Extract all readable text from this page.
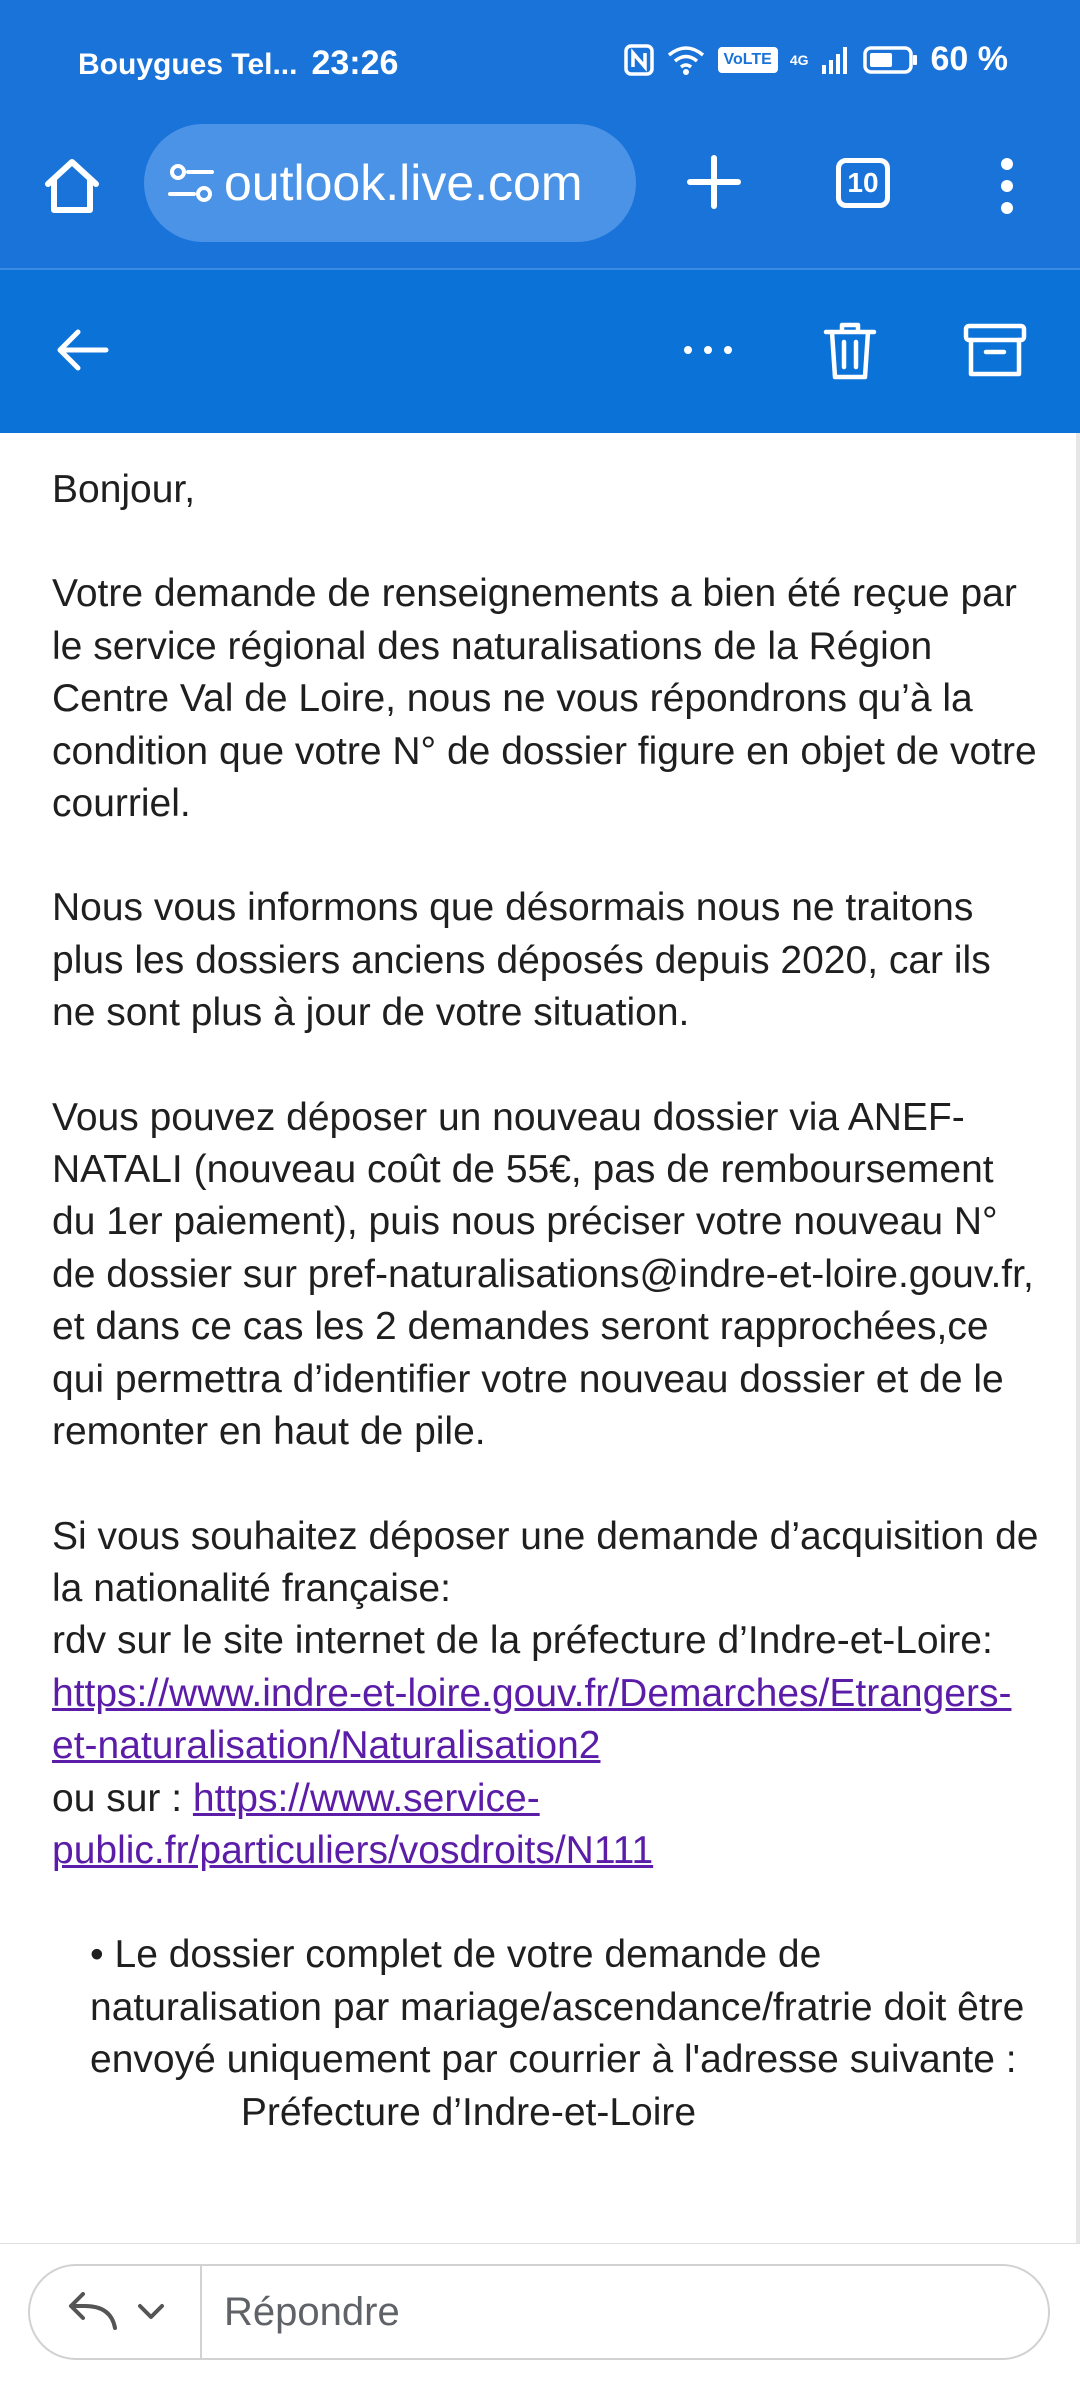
Bouygues Tel... 23:26	VoLTE	4G	60 %
outlook.live.com	10

Bonjour,

Votre demande de renseignements a bien été reçue par le service régional des naturalisations de la Région Centre Val de Loire, nous ne vous répondrons qu’à la condition que votre N° de dossier figure en objet de votre courriel.

Nous vous informons que désormais nous ne traitons plus les dossiers anciens déposés depuis 2020, car ils ne sont plus à jour de votre situation.

Vous pouvez déposer un nouveau dossier via ANEF-NATALI (nouveau coût de 55€, pas de remboursement du 1er paiement), puis nous préciser votre nouveau N° de dossier sur pref-naturalisations@indre-et-loire.gouv.fr, et dans ce cas les 2 demandes seront rapprochées,ce qui permettra d’identifier votre nouveau dossier et de le remonter en haut de pile.

Si vous souhaitez déposer une demande d’acquisition de la nationalité française:
rdv sur le site internet de la préfecture d’Indre-et-Loire: https://www.indre-et-loire.gouv.fr/Demarches/Etrangers-et-naturalisation/Naturalisation2
ou sur : https://www.service-public.fr/particuliers/vosdroits/N111

• Le dossier complet de votre demande de naturalisation par mariage/ascendance/fratrie doit être envoyé uniquement par courrier à l'adresse suivante :  Préfecture d’Indre-et-Loire

Répondre
